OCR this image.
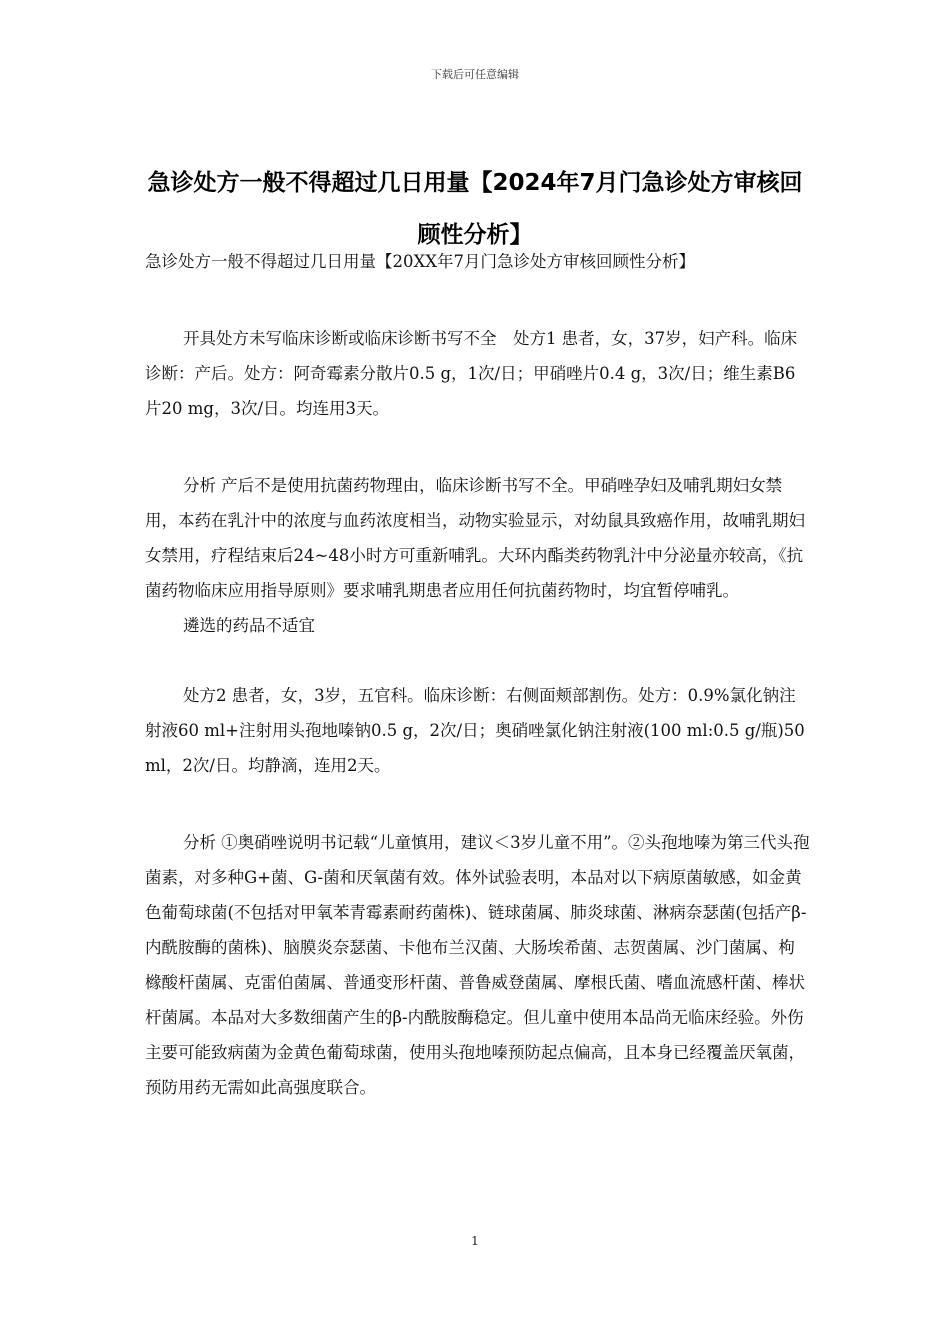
下载后可任意编辑
急诊处方一般不得超过几日用量【2024年7月门急诊处方审核回顾性分析】

急诊处方一般不得超过几日用量【20XX年7月门急诊处方审核回顾性分析】

开具处方未写临床诊断或临床诊断书写不全　处方1 患者，女，37岁，妇产科。临床诊断：产后。处方：阿奇霉素分散片0.5 g，1次/日；甲硝唑片0.4 g，3次/日；维生素B6片20 mg，3次/日。均连用3天。

分析 产后不是使用抗菌药物理由，临床诊断书写不全。甲硝唑孕妇及哺乳期妇女禁用，本药在乳汁中的浓度与血药浓度相当，动物实验显示，对幼鼠具致癌作用，故哺乳期妇女禁用，疗程结束后24~48小时方可重新哺乳。大环内酯类药物乳汁中分泌量亦较高，《抗菌药物临床应用指导原则》要求哺乳期患者应用任何抗菌药物时，均宜暂停哺乳。

遴选的药品不适宜

处方2 患者，女，3岁，五官科。临床诊断：右侧面颊部割伤。处方：0.9%氯化钠注射液60 ml+注射用头孢地嗪钠0.5 g，2次/日；奥硝唑氯化钠注射液(100 ml:0.5 g/瓶)50 ml，2次/日。均静滴，连用2天。

分析 ①奥硝唑说明书记载“儿童慎用，建议＜3岁儿童不用”。②头孢地嗪为第三代头孢菌素，对多种G+菌、G-菌和厌氧菌有效。体外试验表明，本品对以下病原菌敏感，如金黄色葡萄球菌(不包括对甲氧苯青霉素耐药菌株)、链球菌属、肺炎球菌、淋病奈瑟菌(包括产β-内酰胺酶的菌株)、脑膜炎奈瑟菌、卡他布兰汉菌、大肠埃希菌、志贺菌属、沙门菌属、枸橼酸杆菌属、克雷伯菌属、普通变形杆菌、普鲁威登菌属、摩根氏菌、嗜血流感杆菌、棒状杆菌属。本品对大多数细菌产生的β-内酰胺酶稳定。但儿童中使用本品尚无临床经验。外伤主要可能致病菌为金黄色葡萄球菌，使用头孢地嗪预防起点偏高，且本身已经覆盖厌氧菌，预防用药无需如此高强度联合。

1
